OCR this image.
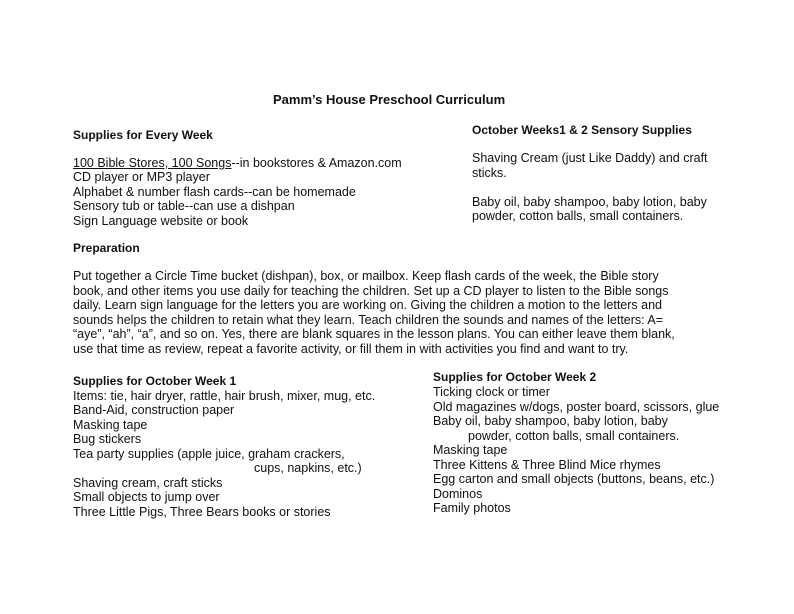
Pamm’s House Preschool Curriculum
Supplies for Every Week
100 Bible Stores, 100 Songs--in bookstores & Amazon.com
CD player or MP3 player
Alphabet & number flash cards--can be homemade
Sensory tub or table--can use a dishpan
Sign Language website or book
October Weeks1 & 2 Sensory Supplies
Shaving Cream (just Like Daddy) and craft
sticks.
Baby oil, baby shampoo, baby lotion, baby
powder, cotton balls, small containers.
Preparation
Put together a Circle Time bucket (dishpan), box, or mailbox. Keep flash cards of the week, the Bible story
book, and other items you use daily for teaching the children. Set up a CD player to listen to the Bible songs
daily. Learn sign language for the letters you are working on. Giving the children a motion to the letters and
sounds helps the children to retain what they learn. Teach children the sounds and names of the letters: A=
“aye”, “ah”, “a”, and so on. Yes, there are blank squares in the lesson plans. You can either leave them blank,
use that time as review, repeat a favorite activity, or fill them in with activities you find and want to try.
Supplies for October Week 1
Items: tie, hair dryer, rattle, hair brush, mixer, mug, etc.
Band-Aid, construction paper
Masking tape
Bug stickers
Tea party supplies (apple juice, graham crackers,
cups, napkins, etc.)
Shaving cream, craft sticks
Small objects to jump over
Three Little Pigs, Three Bears books or stories
Supplies for October Week 2
Ticking clock or timer
Old magazines w/dogs, poster board, scissors, glue
Baby oil, baby shampoo, baby lotion, baby
powder, cotton balls, small containers.
Masking tape
Three Kittens & Three Blind Mice rhymes
Egg carton and small objects (buttons, beans, etc.)
Dominos
Family photos
